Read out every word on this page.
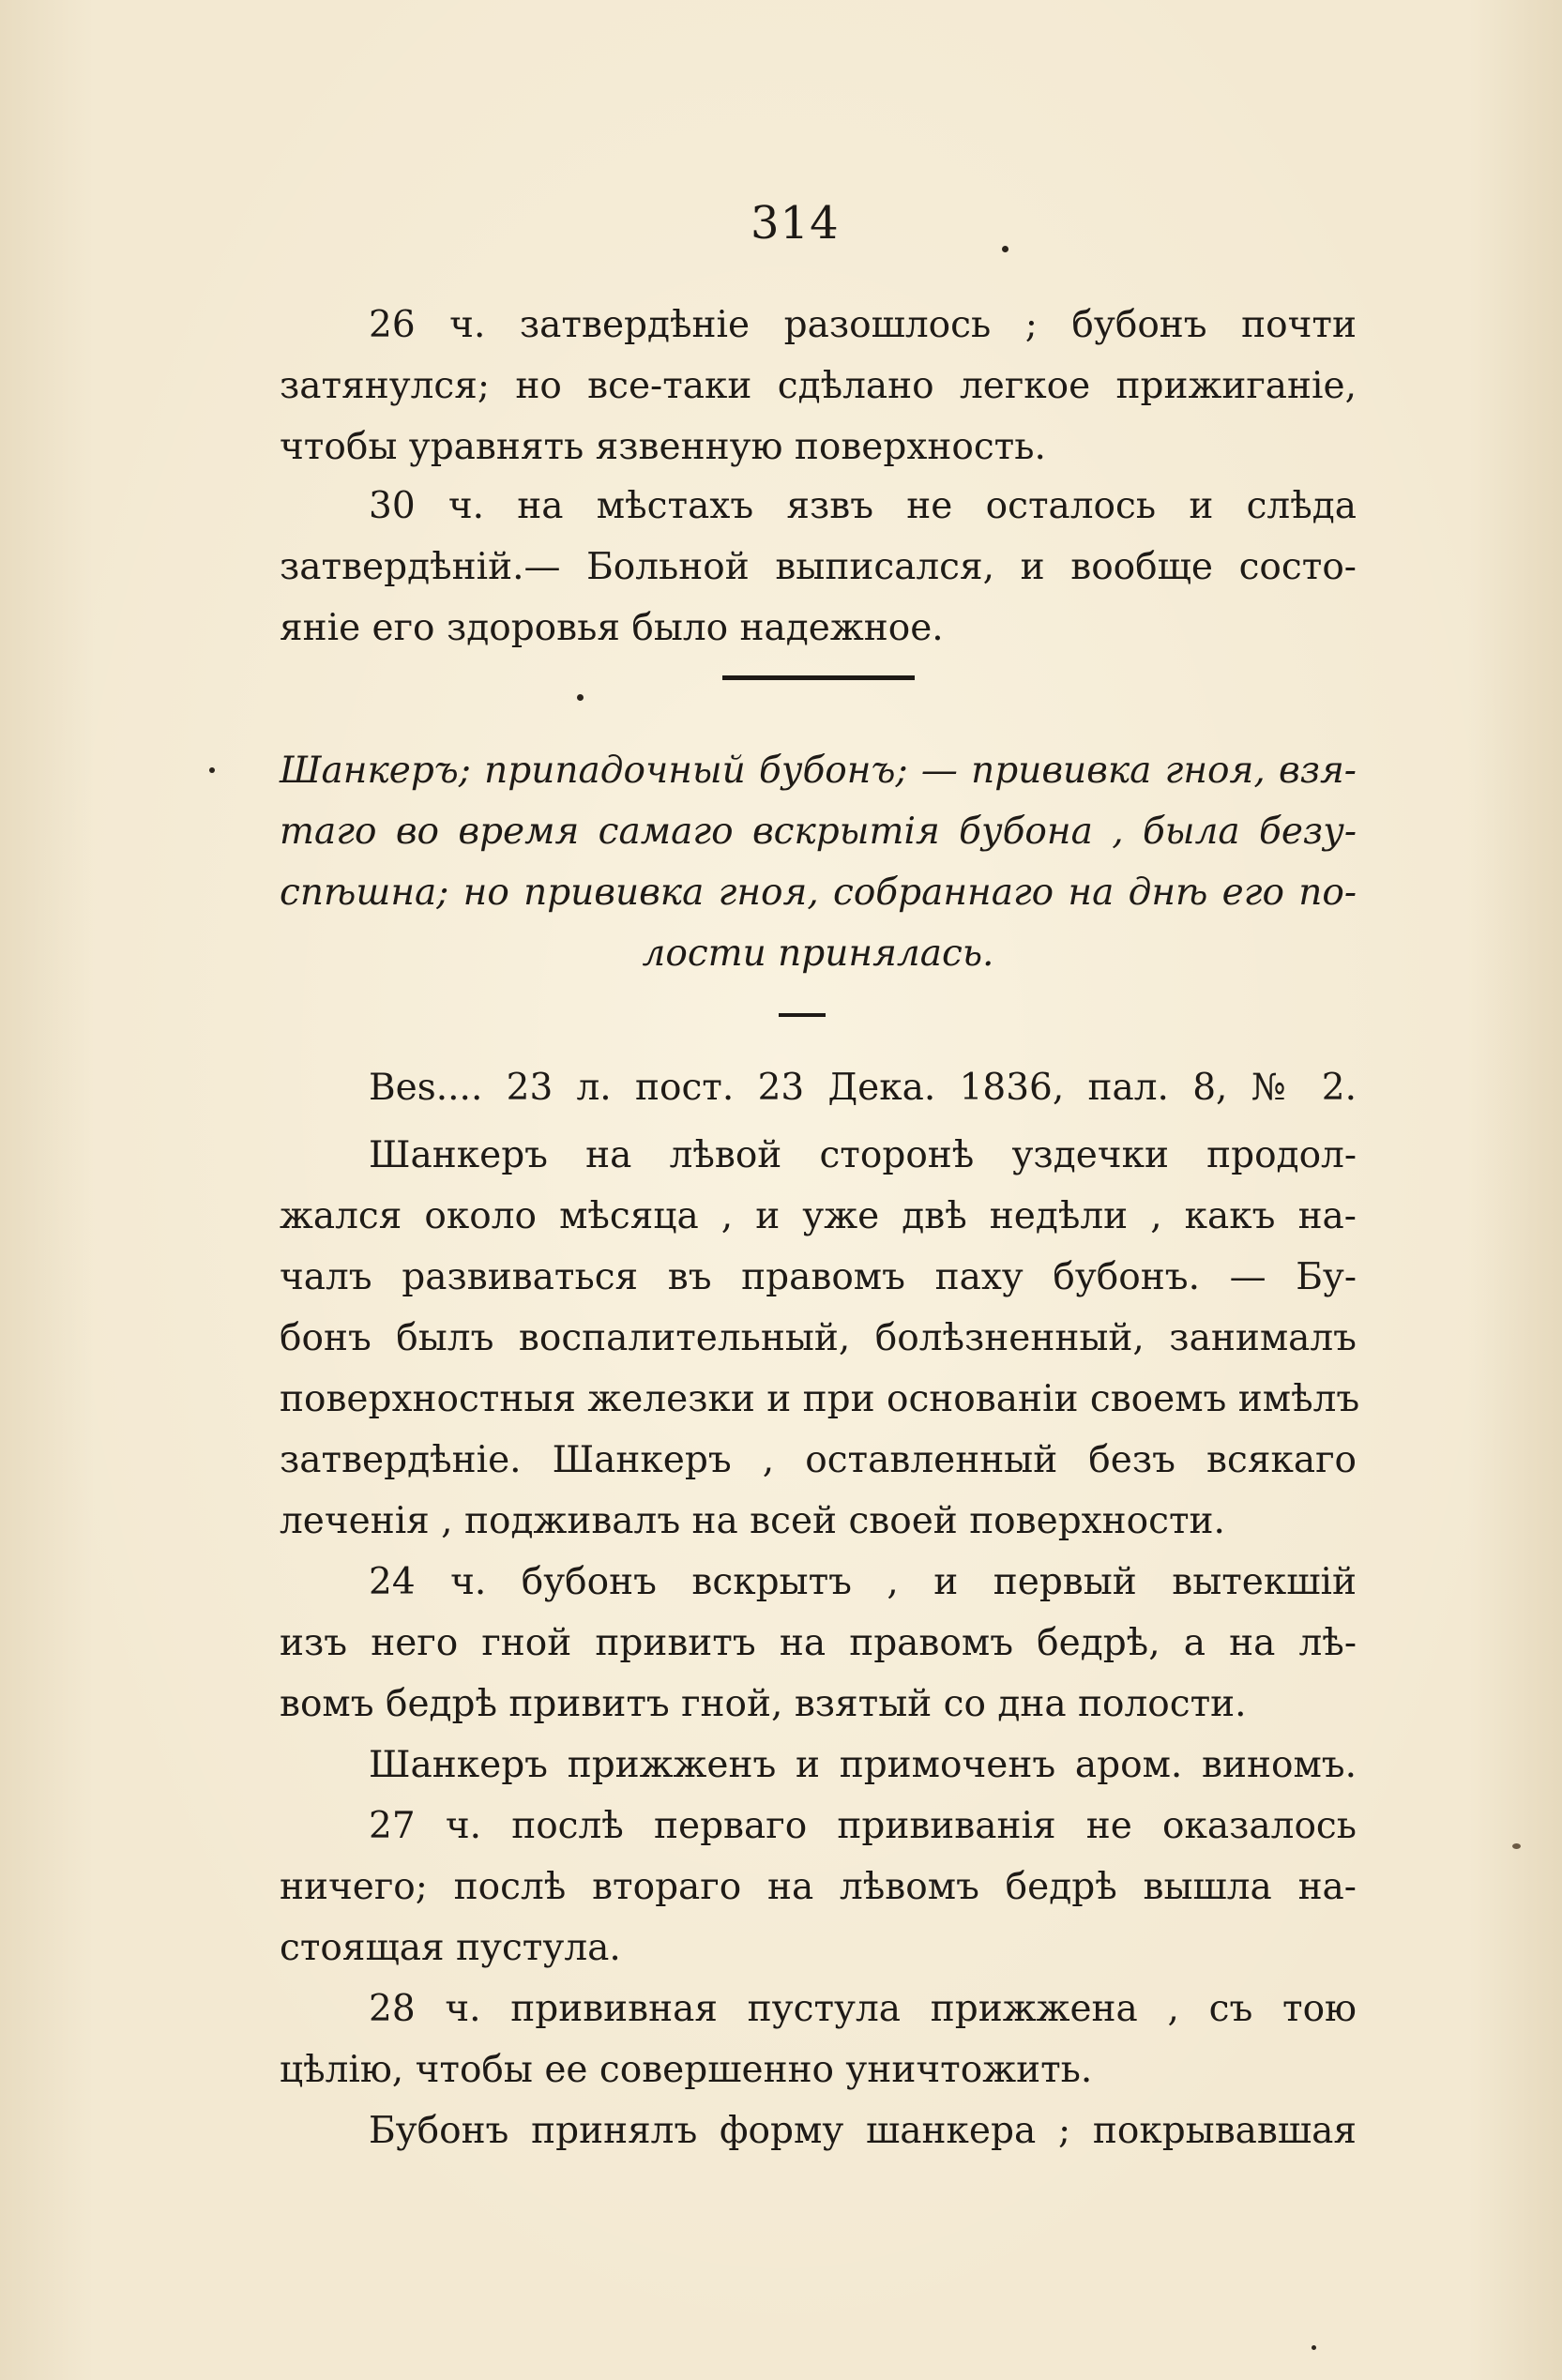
314
26 ч. затвердѣніе разошлось ; бубонъ почти
затянулся; но все-таки сдѣлано легкое прижиганіе,
чтобы уравнять язвенную поверхность.
30 ч. на мѣстахъ язвъ не осталось и слѣда
затвердѣній.— Больной выписался, и вообще состо-
яніе его здоровья было надежное.
Шанкеръ; припадочный бубонъ; — прививка гноя, взя-
таго во время самаго вскрытія бубона , была безу-
спѣшна; но прививка гноя, собраннаго на днѣ его по-
лости принялась.
Bes.... 23 л. пост. 23 Дека. 1836, пал. 8, № 2.
Шанкеръ на лѣвой сторонѣ уздечки продол-
жался около мѣсяца , и уже двѣ недѣли , какъ на-
чалъ развиваться въ правомъ паху бубонъ. — Бу-
бонъ былъ воспалительный, болѣзненный, занималъ
поверхностныя железки и при основаніи своемъ имѣлъ
затвердѣніе. Шанкеръ , оставленный безъ всякаго
леченія , подживалъ на всей своей поверхности.
24 ч. бубонъ вскрытъ , и первый вытекшій
изъ него гной привитъ на правомъ бедрѣ, а на лѣ-
вомъ бедрѣ привитъ гной, взятый со дна полости.
Шанкеръ прижженъ и примоченъ аром. виномъ.
27 ч. послѣ перваго прививанія не оказалось
ничего; послѣ втораго на лѣвомъ бедрѣ вышла на-
стоящая пустула.
28 ч. прививная пустула прижжена , съ тою
цѣлію, чтобы ее совершенно уничтожить.
Бубонъ принялъ форму шанкера ; покрывавшая
